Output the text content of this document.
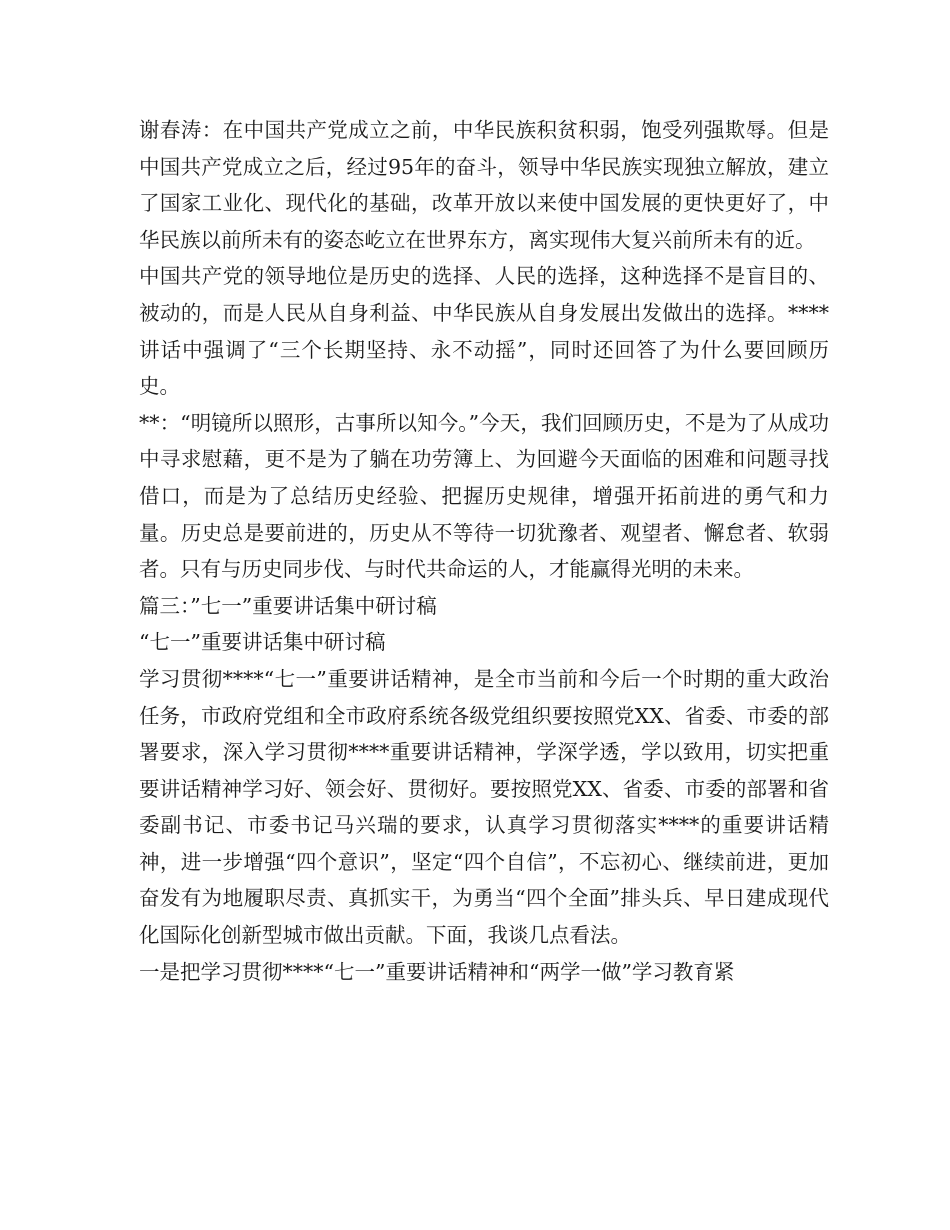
谢春涛：在中国共产党成立之前，中华民族积贫积弱，饱受列强欺辱。但是中国共产党成立之后，经过95年的奋斗，领导中华民族实现独立解放，建立了国家工业化、现代化的基础，改革开放以来使中国发展的更快更好了，中华民族以前所未有的姿态屹立在世界东方，离实现伟大复兴前所未有的近。

中国共产党的领导地位是历史的选择、人民的选择，这种选择不是盲目的、被动的，而是人民从自身利益、中华民族从自身发展出发做出的选择。****讲话中强调了“三个长期坚持、永不动摇”，同时还回答了为什么要回顾历史。

**：“明镜所以照形，古事所以知今。”今天，我们回顾历史，不是为了从成功中寻求慰藉，更不是为了躺在功劳簿上、为回避今天面临的困难和问题寻找借口，而是为了总结历史经验、把握历史规律，增强开拓前进的勇气和力量。历史总是要前进的，历史从不等待一切犹豫者、观望者、懈怠者、软弱者。只有与历史同步伐、与时代共命运的人，才能赢得光明的未来。

篇三：”七一”重要讲话集中研讨稿

“七一”重要讲话集中研讨稿

学习贯彻****“七一”重要讲话精神，是全市当前和今后一个时期的重大政治任务，市政府党组和全市政府系统各级党组织要按照党XX、省委、市委的部署要求，深入学习贯彻****重要讲话精神，学深学透，学以致用，切实把重要讲话精神学习好、领会好、贯彻好。要按照党XX、省委、市委的部署和省委副书记、市委书记马兴瑞的要求，认真学习贯彻落实****的重要讲话精神，进一步增强“四个意识”，坚定“四个自信”，不忘初心、继续前进，更加奋发有为地履职尽责、真抓实干，为勇当“四个全面”排头兵、早日建成现代化国际化创新型城市做出贡献。下面，我谈几点看法。

一是把学习贯彻****“七一”重要讲话精神和“两学一做”学习教育紧
